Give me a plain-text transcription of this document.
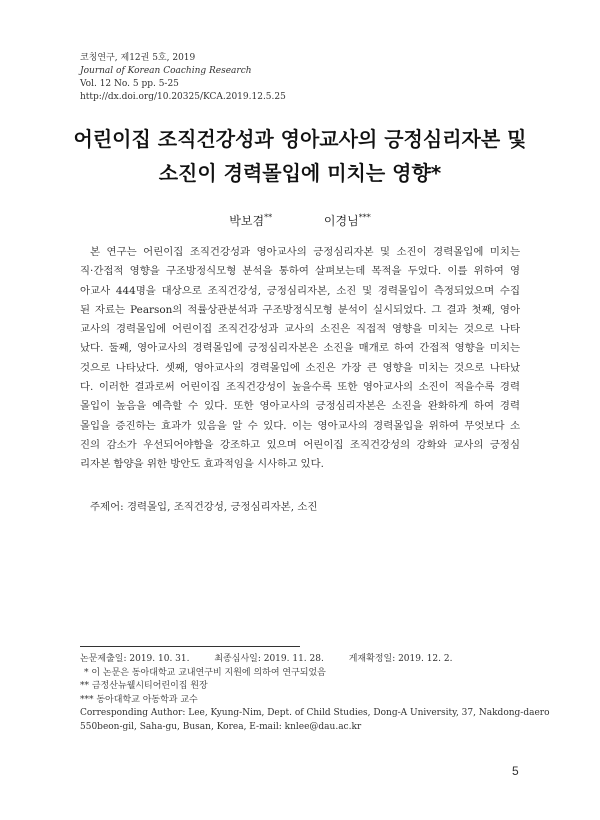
코칭연구, 제12권 5호, 2019
Journal of Korean Coaching Research
Vol. 12 No. 5 pp. 5-25
http://dx.doi.org/10.20325/KCA.2019.12.5.25
어린이집 조직건강성과 영아교사의 긍정심리자본 및
소진이 경력몰입에 미치는 영향*
박보겸**	이경님***
본 연구는 어린이집 조직건강성과 영아교사의 긍정심리자본 및 소진이 경력몰입에 미치는
직·간접적 영향을 구조방정식모형 분석을 통하여 살펴보는데 목적을 두었다. 이를 위하여 영
아교사 444명을 대상으로 조직건강성, 긍정심리자본, 소진 및 경력몰입이 측정되었으며 수집
된 자료는 Pearson의 적률상관분석과 구조방정식모형 분석이 실시되었다. 그 결과 첫째, 영아
교사의 경력몰입에 어린이집 조직건강성과 교사의 소진은 직접적 영향을 미치는 것으로 나타
났다. 둘째, 영아교사의 경력몰입에 긍정심리자본은 소진을 매개로 하여 간접적 영향을 미치는
것으로 나타났다. 셋째, 영아교사의 경력몰입에 소진은 가장 큰 영향을 미치는 것으로 나타났
다. 이러한 결과로써 어린이집 조직건강성이 높을수록 또한 영아교사의 소진이 적을수록 경력
몰입이 높음을 예측할 수 있다. 또한 영아교사의 긍정심리자본은 소진을 완화하게 하여 경력
몰입을 증진하는 효과가 있음을 알 수 있다. 이는 영아교사의 경력몰입을 위하여 무엇보다 소
진의 감소가 우선되어야함을 강조하고 있으며 어린이집 조직건강성의 강화와 교사의 긍정심
리자본 함양을 위한 방안도 효과적임을 시사하고 있다.
주제어: 경력몰입, 조직건강성, 긍정심리자본, 소진
논문제출일: 2019. 10. 31.	최종심사일: 2019. 11. 28.	게재확정일: 2019. 12. 2.
* 이 논문은 동아대학교 교내연구비 지원에 의하여 연구되었음
** 금정산뉴웰시티어린이집 원장
*** 동아대학교 아동학과 교수
Corresponding Author: Lee, Kyung-Nim, Dept. of Child Studies, Dong-A University, 37, Nakdong-daero
550beon-gil, Saha-gu, Busan, Korea, E-mail: knlee@dau.ac.kr
5
